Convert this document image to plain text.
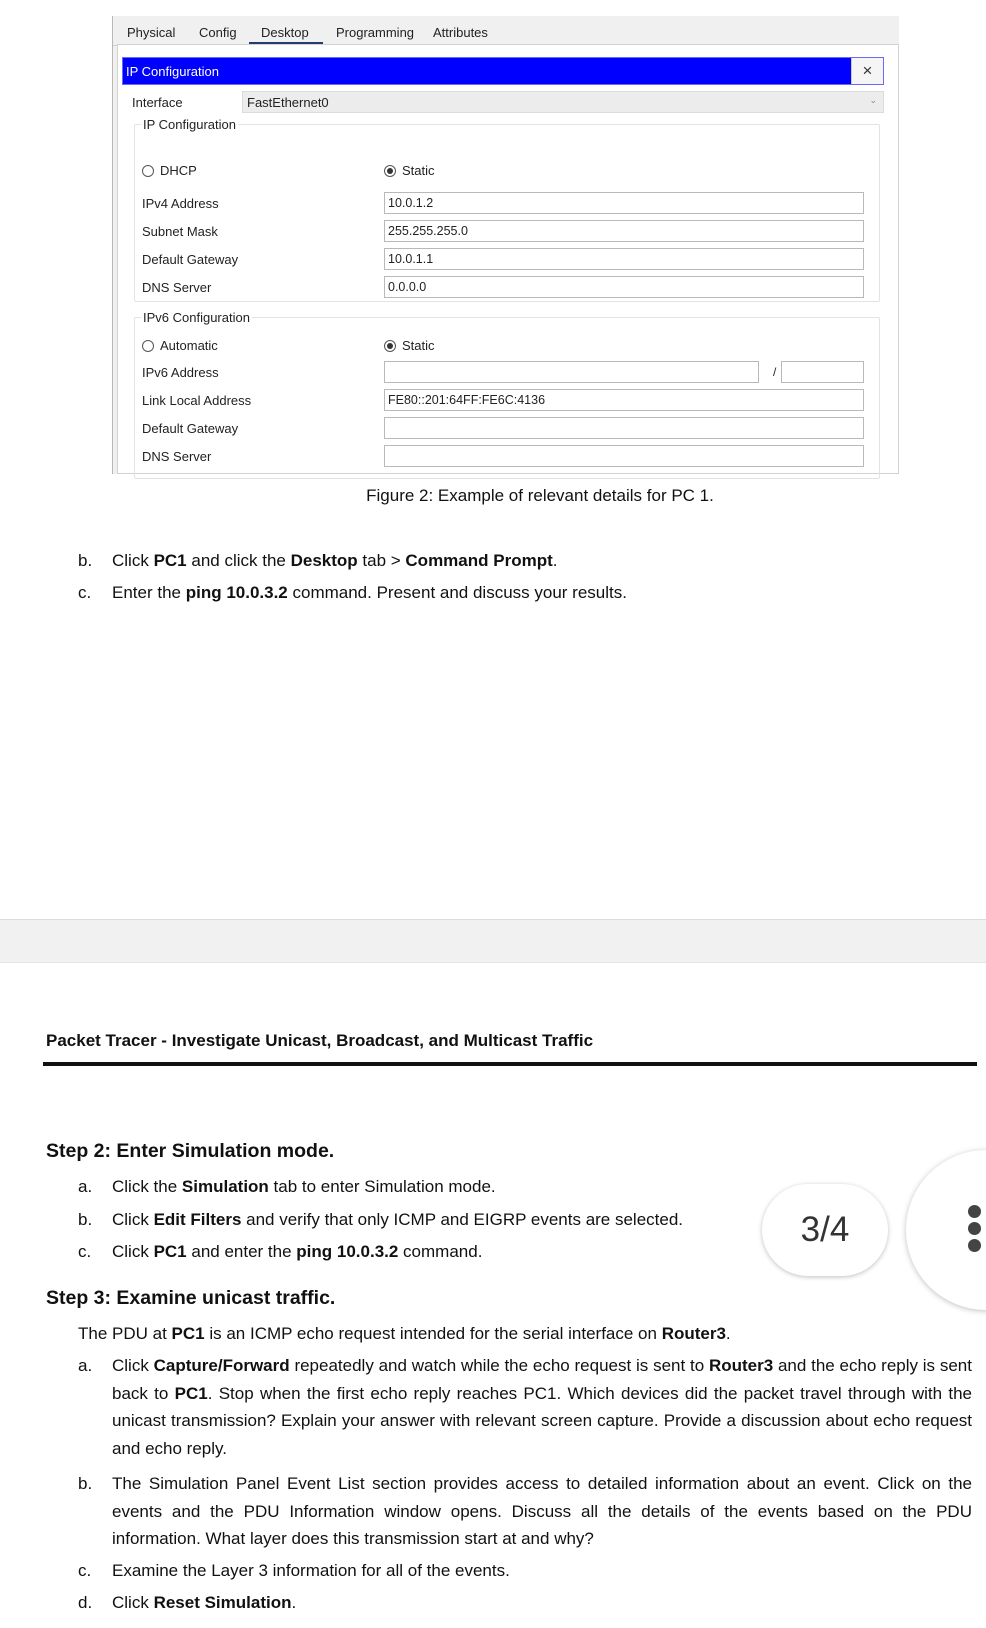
Physical Config Desktop Programming Attributes
IP Configuration	×
Interface	FastEthernet0	⌄
IP Configuration
DHCP	Static
IPv4 Address	10.0.1.2
Subnet Mask	255.255.255.0
Default Gateway	10.0.1.1
DNS Server	0.0.0.0
IPv6 Configuration
Automatic	Static
IPv6 Address	/
Link Local Address	FE80::201:64FF:FE6C:4136
Default Gateway
DNS Server
Figure 2: Example of relevant details for PC 1.
b. Click PC1 and click the Desktop tab > Command Prompt.
c. Enter the ping 10.0.3.2 command. Present and discuss your results.
Packet Tracer - Investigate Unicast, Broadcast, and Multicast Traffic
Step 2: Enter Simulation mode.
a. Click the Simulation tab to enter Simulation mode.
b. Click Edit Filters and verify that only ICMP and EIGRP events are selected.
c. Click PC1 and enter the ping 10.0.3.2 command.
Step 3: Examine unicast traffic.
The PDU at PC1 is an ICMP echo request intended for the serial interface on Router3.
a. Click Capture/Forward repeatedly and watch while the echo request is sent to Router3 and the echo reply is sent back to PC1. Stop when the first echo reply reaches PC1. Which devices did the packet travel through with the unicast transmission? Explain your answer with relevant screen capture. Provide a discussion about echo request and echo reply.
b. The Simulation Panel Event List section provides access to detailed information about an event. Click on the events and the PDU Information window opens. Discuss all the details of the events based on the PDU information. What layer does this transmission start at and why?
c. Examine the Layer 3 information for all of the events.
d. Click Reset Simulation.
3/4
